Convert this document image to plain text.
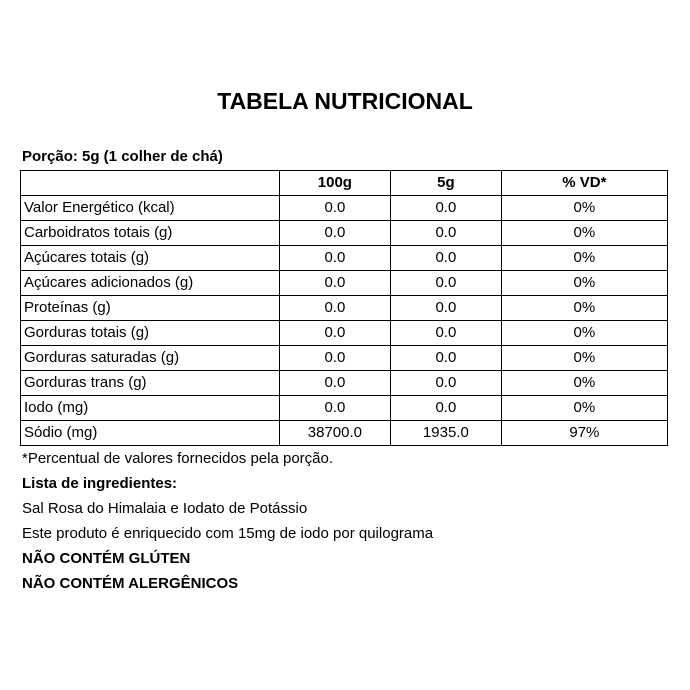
TABELA NUTRICIONAL
Porção: 5g (1 colher de chá)
	100g	5g	% VD*
Valor Energético (kcal)	0.0	0.0	0%
Carboidratos totais (g)	0.0	0.0	0%
Açúcares totais (g)	0.0	0.0	0%
Açúcares adicionados (g)	0.0	0.0	0%
Proteínas (g)	0.0	0.0	0%
Gorduras totais (g)	0.0	0.0	0%
Gorduras saturadas (g)	0.0	0.0	0%
Gorduras trans (g)	0.0	0.0	0%
Iodo (mg)	0.0	0.0	0%
Sódio (mg)	38700.0	1935.0	97%
*Percentual de valores fornecidos pela porção.
Lista de ingredientes:
Sal Rosa do Himalaia e Iodato de Potássio
Este produto é enriquecido com 15mg de iodo por quilograma
NÃO CONTÉM GLÚTEN
NÃO CONTÉM ALERGÊNICOS
